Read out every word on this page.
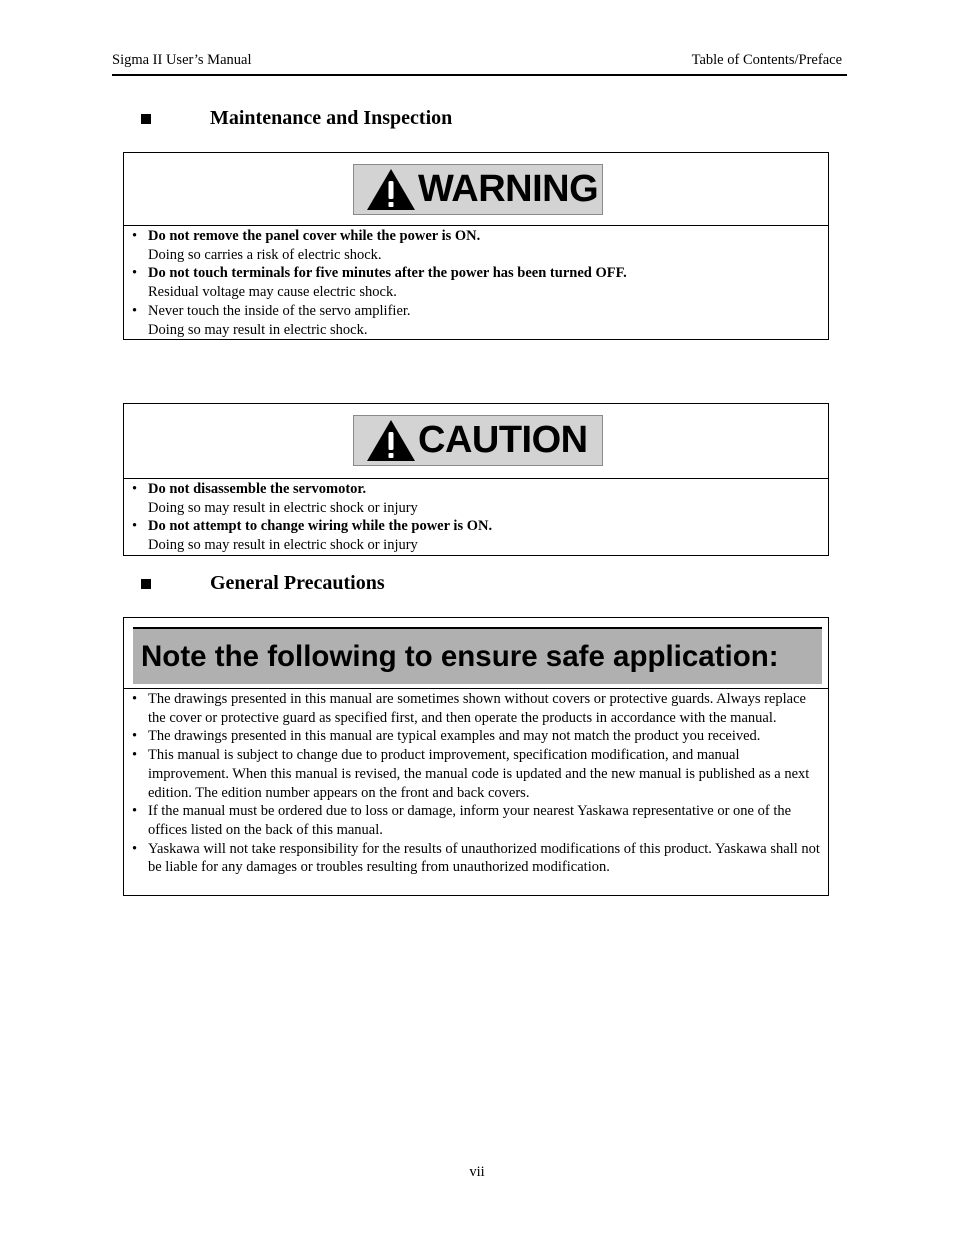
Sigma II User’s Manual	Table of Contents/Preface
Maintenance and Inspection
WARNING
• Do not remove the panel cover while the power is ON.
Doing so carries a risk of electric shock.
• Do not touch terminals for five minutes after the power has been turned OFF.
Residual voltage may cause electric shock.
• Never touch the inside of the servo amplifier.
Doing so may result in electric shock.
CAUTION
• Do not disassemble the servomotor.
Doing so may result in electric shock or injury
• Do not attempt to change wiring while the power is ON.
Doing so may result in electric shock or injury
General Precautions
Note the following to ensure safe application:
• The drawings presented in this manual are sometimes shown without covers or protective guards. Always replace the cover or protective guard as specified first, and then operate the products in accordance with the manual.
• The drawings presented in this manual are typical examples and may not match the product you received.
• This manual is subject to change due to product improvement, specification modification, and manual improvement. When this manual is revised, the manual code is updated and the new manual is published as a next edition. The edition number appears on the front and back covers.
• If the manual must be ordered due to loss or damage, inform your nearest Yaskawa representative or one of the offices listed on the back of this manual.
• Yaskawa will not take responsibility for the results of unauthorized modifications of this product. Yaskawa shall not be liable for any damages or troubles resulting from unauthorized modification.
vii
